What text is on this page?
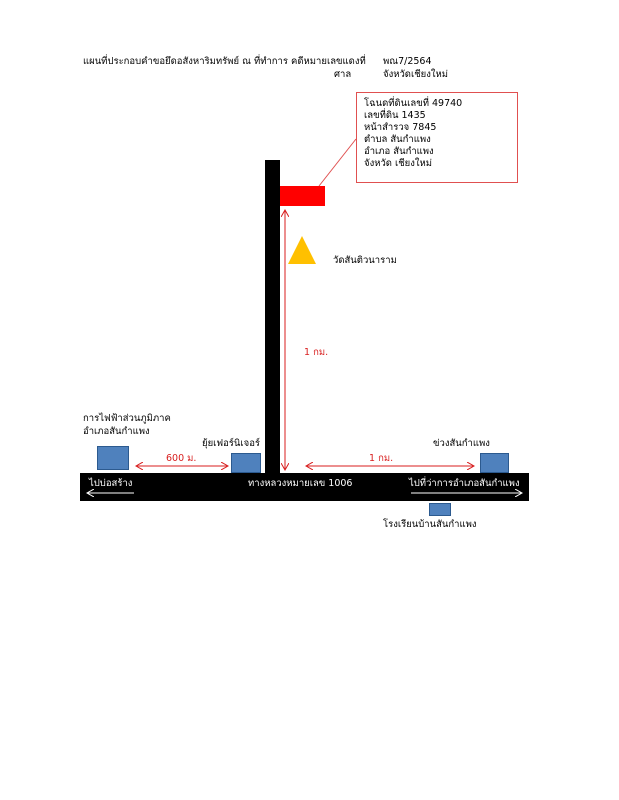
แผนที่ประกอบคำขอยึดอสังหาริมทรัพย์ ณ ที่ทำการ คดีหมายเลขแดงที่ พณ7/2564
ศาล	จังหวัดเชียงใหม่
โฉนดที่ดินเลขที่ 49740
เลขที่ดิน 1435
หน้าสำรวจ 7845
ตำบล สันกำแพง
อำเภอ สันกำแพง
จังหวัด เชียงใหม่
วัดสันติวนาราม
1 กม.
การไฟฟ้าส่วนภูมิภาค
อำเภอสันกำแพง
ยุ้ยเฟอร์นิเจอร์	ข่วงสันกำแพง
600 ม.	1 กม.
ไปบ่อสร้าง	ทางหลวงหมายเลข 1006	ไปที่ว่าการอำเภอสันกำแพง
โรงเรียนบ้านสันกำแพง
